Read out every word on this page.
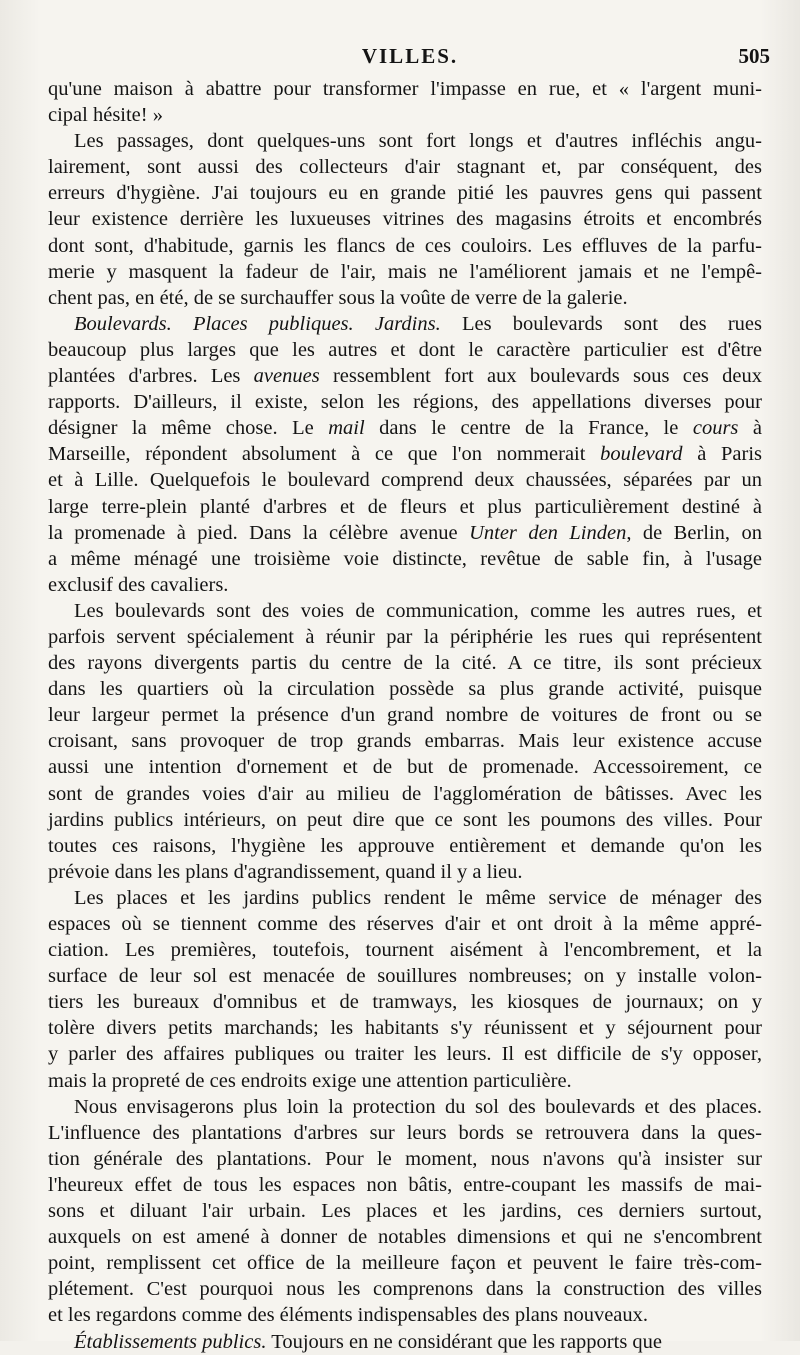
VILLES.	505

qu'une maison à abattre pour transformer l'impasse en rue, et « l'argent muni-
cipal hésite! »

Les passages, dont quelques-uns sont fort longs et d'autres infléchis angu-
lairement, sont aussi des collecteurs d'air stagnant et, par conséquent, des
erreurs d'hygiène. J'ai toujours eu en grande pitié les pauvres gens qui passent
leur existence derrière les luxueuses vitrines des magasins étroits et encombrés
dont sont, d'habitude, garnis les flancs de ces couloirs. Les effluves de la parfu-
merie y masquent la fadeur de l'air, mais ne l'améliorent jamais et ne l'empê-
chent pas, en été, de se surchauffer sous la voûte de verre de la galerie.

Boulevards. Places publiques. Jardins. Les boulevards sont des rues
beaucoup plus larges que les autres et dont le caractère particulier est d'être
plantées d'arbres. Les avenues ressemblent fort aux boulevards sous ces deux
rapports. D'ailleurs, il existe, selon les régions, des appellations diverses pour
désigner la même chose. Le mail dans le centre de la France, le cours à
Marseille, répondent absolument à ce que l'on nommerait boulevard à Paris
et à Lille. Quelquefois le boulevard comprend deux chaussées, séparées par un
large terre-plein planté d'arbres et de fleurs et plus particulièrement destiné à
la promenade à pied. Dans la célèbre avenue Unter den Linden, de Berlin, on
a même ménagé une troisième voie distincte, revêtue de sable fin, à l'usage
exclusif des cavaliers.

Les boulevards sont des voies de communication, comme les autres rues, et
parfois servent spécialement à réunir par la périphérie les rues qui représentent
des rayons divergents partis du centre de la cité. A ce titre, ils sont précieux
dans les quartiers où la circulation possède sa plus grande activité, puisque
leur largeur permet la présence d'un grand nombre de voitures de front ou se
croisant, sans provoquer de trop grands embarras. Mais leur existence accuse
aussi une intention d'ornement et de but de promenade. Accessoirement, ce
sont de grandes voies d'air au milieu de l'agglomération de bâtisses. Avec les
jardins publics intérieurs, on peut dire que ce sont les poumons des villes. Pour
toutes ces raisons, l'hygiène les approuve entièrement et demande qu'on les
prévoie dans les plans d'agrandissement, quand il y a lieu.

Les places et les jardins publics rendent le même service de ménager des
espaces où se tiennent comme des réserves d'air et ont droit à la même appré-
ciation. Les premières, toutefois, tournent aisément à l'encombrement, et la
surface de leur sol est menacée de souillures nombreuses; on y installe volon-
tiers les bureaux d'omnibus et de tramways, les kiosques de journaux; on y
tolère divers petits marchands; les habitants s'y réunissent et y séjournent pour
y parler des affaires publiques ou traiter les leurs. Il est difficile de s'y opposer,
mais la propreté de ces endroits exige une attention particulière.

Nous envisagerons plus loin la protection du sol des boulevards et des places.
L'influence des plantations d'arbres sur leurs bords se retrouvera dans la ques-
tion générale des plantations. Pour le moment, nous n'avons qu'à insister sur
l'heureux effet de tous les espaces non bâtis, entre-coupant les massifs de mai-
sons et diluant l'air urbain. Les places et les jardins, ces derniers surtout,
auxquels on est amené à donner de notables dimensions et qui ne s'encombrent
point, remplissent cet office de la meilleure façon et peuvent le faire très-com-
plétement. C'est pourquoi nous les comprenons dans la construction des villes
et les regardons comme des éléments indispensables des plans nouveaux.

Établissements publics. Toujours en ne considérant que les rapports que
